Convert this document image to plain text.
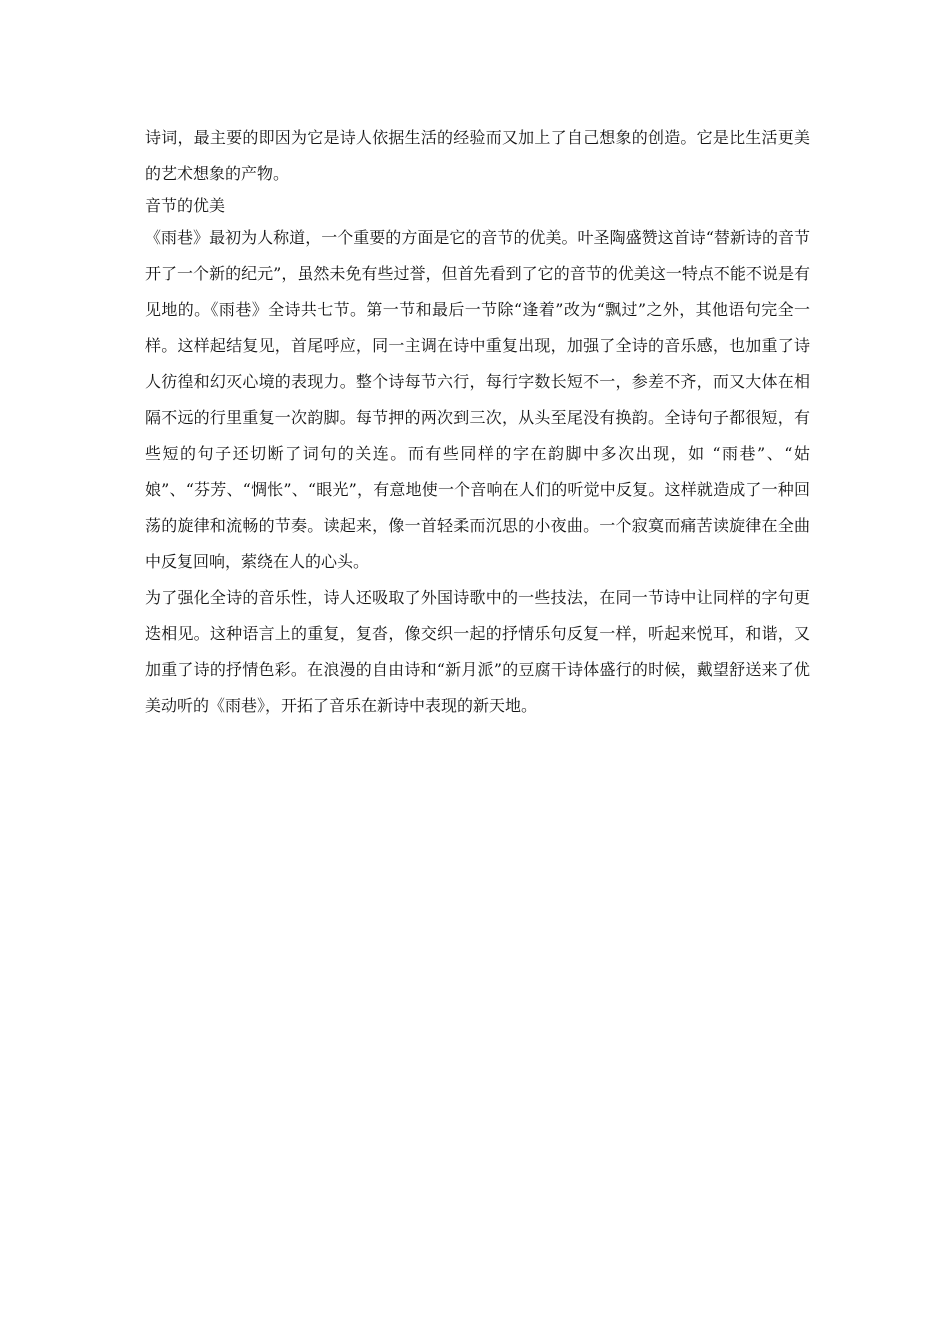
诗词，最主要的即因为它是诗人依据生活的经验而又加上了自己想象的创造。它是比生活更美的艺术想象的产物。

音节的优美

《雨巷》最初为人称道，一个重要的方面是它的音节的优美。叶圣陶盛赞这首诗“替新诗的音节开了一个新的纪元”，虽然未免有些过誉，但首先看到了它的音节的优美这一特点不能不说是有见地的。《雨巷》全诗共七节。第一节和最后一节除“逢着”改为“飘过”之外，其他语句完全一样。这样起结复见，首尾呼应，同一主调在诗中重复出现，加强了全诗的音乐感，也加重了诗人彷徨和幻灭心境的表现力。整个诗每节六行，每行字数长短不一，参差不齐，而又大体在相隔不远的行里重复一次韵脚。每节押的两次到三次，从头至尾没有换韵。全诗句子都很短，有些短的句子还切断了词句的关连。而有些同样的字在韵脚中多次出现，如 “雨巷”、“姑娘”、“芬芳、“惆怅”、“眼光”，有意地使一个音响在人们的听觉中反复。这样就造成了一种回荡的旋律和流畅的节奏。读起来，像一首轻柔而沉思的小夜曲。一个寂寞而痛苦读旋律在全曲中反复回响，萦绕在人的心头。

为了强化全诗的音乐性，诗人还吸取了外国诗歌中的一些技法，在同一节诗中让同样的字句更迭相见。这种语言上的重复，复沓，像交织一起的抒情乐句反复一样，听起来悦耳，和谐，又加重了诗的抒情色彩。在浪漫的自由诗和“新月派”的豆腐干诗体盛行的时候，戴望舒送来了优美动听的《雨巷》，开拓了音乐在新诗中表现的新天地。
